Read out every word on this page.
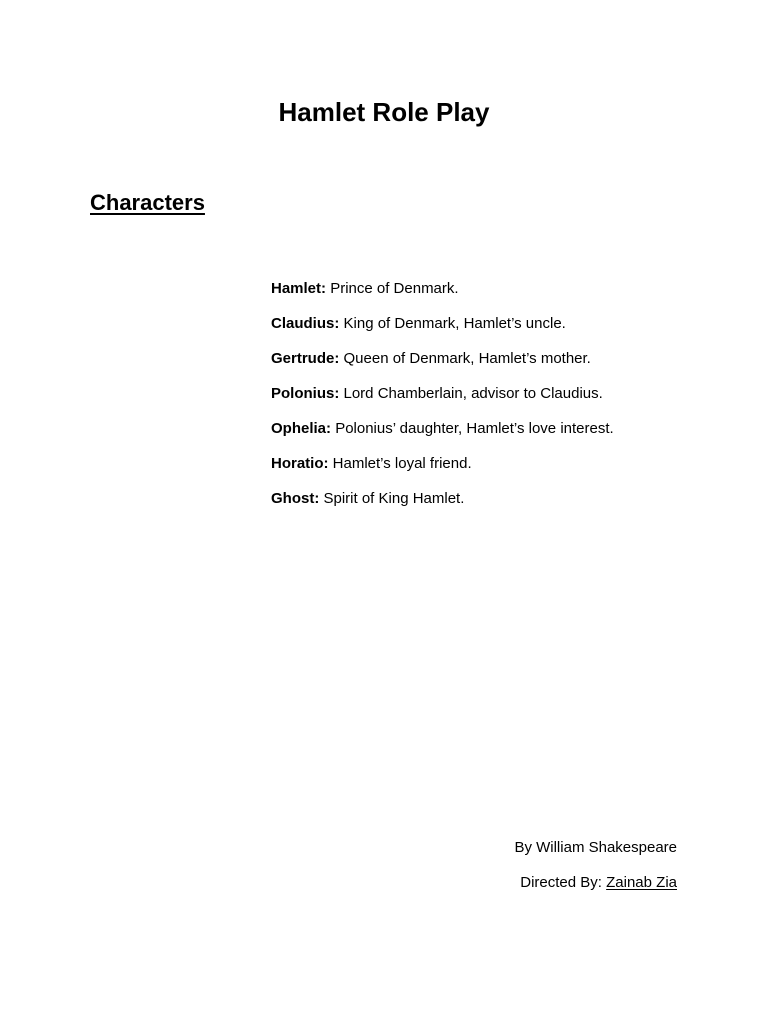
Hamlet Role Play
Characters
Hamlet: Prince of Denmark.
Claudius: King of Denmark, Hamlet’s uncle.
Gertrude: Queen of Denmark, Hamlet’s mother.
Polonius: Lord Chamberlain, advisor to Claudius.
Ophelia: Polonius’ daughter, Hamlet’s love interest.
Horatio: Hamlet’s loyal friend.
Ghost: Spirit of King Hamlet.
By William Shakespeare
Directed By: Zainab Zia
